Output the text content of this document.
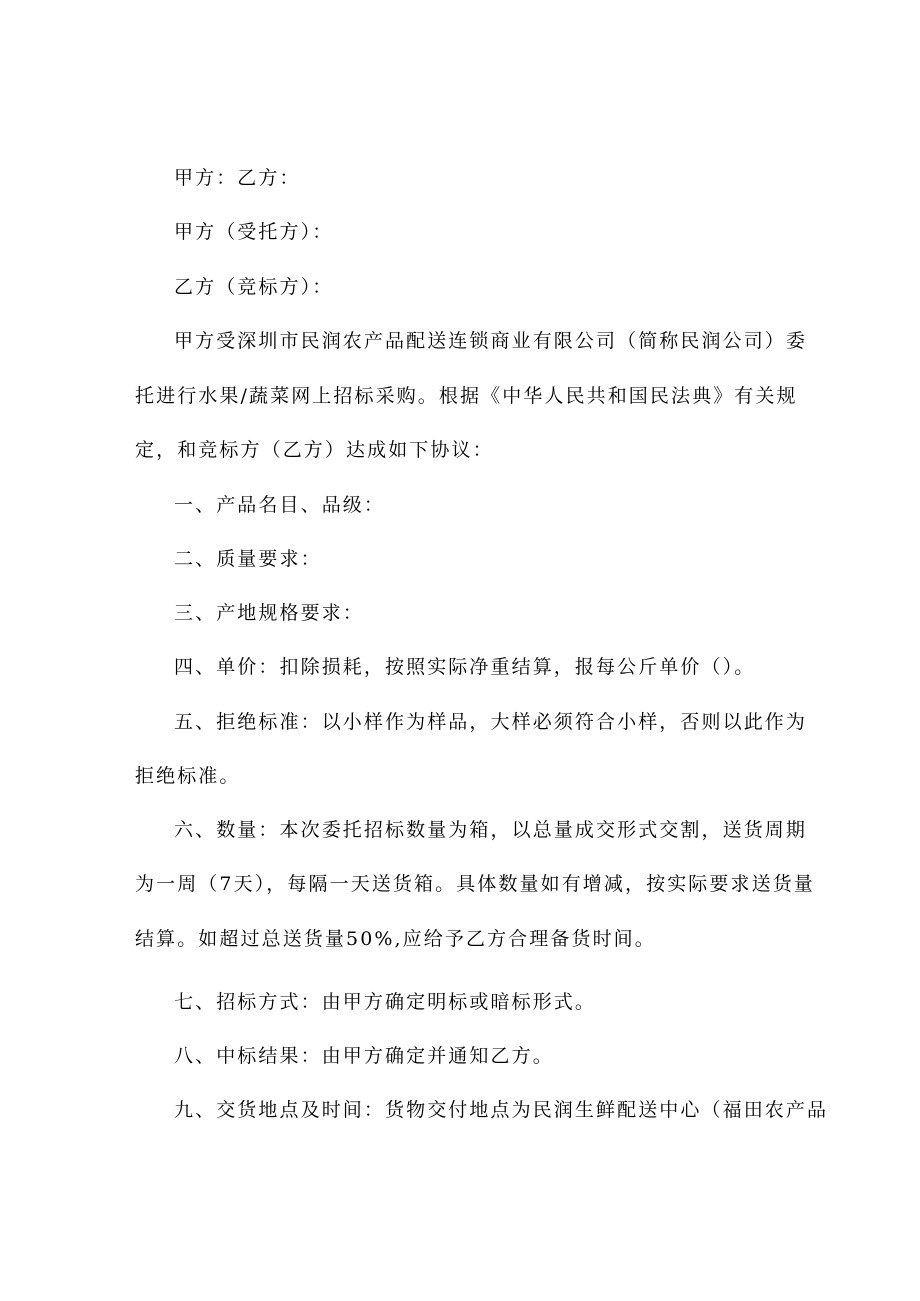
甲方：乙方：
甲方（受托方）：
乙方（竞标方）：
甲方受深圳市民润农产品配送连锁商业有限公司（简称民润公司）委
托进行水果/蔬菜网上招标采购。根据《中华人民共和国民法典》有关规
定，和竞标方（乙方）达成如下协议：
一、产品名目、品级：
二、质量要求：
三、产地规格要求：
四、单价：扣除损耗，按照实际净重结算，报每公斤单价（）。
五、拒绝标准：以小样作为样品，大样必须符合小样，否则以此作为
拒绝标准。
六、数量：本次委托招标数量为箱，以总量成交形式交割，送货周期
为一周（7天），每隔一天送货箱。具体数量如有增减，按实际要求送货量
结算。如超过总送货量50%,应给予乙方合理备货时间。
七、招标方式：由甲方确定明标或暗标形式。
八、中标结果：由甲方确定并通知乙方。
九、交货地点及时间：货物交付地点为民润生鲜配送中心（福田农产品
